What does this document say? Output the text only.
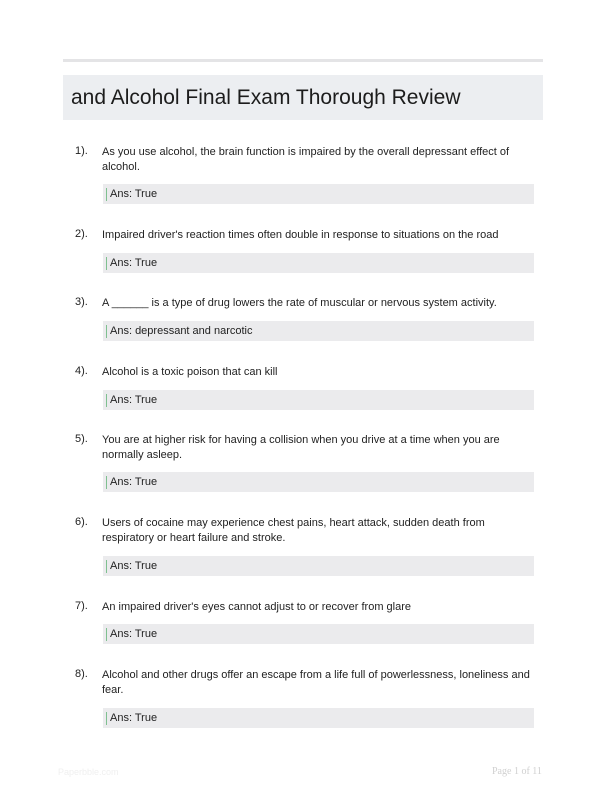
and Alcohol Final Exam Thorough Review
1). As you use alcohol, the brain function is impaired by the overall depressant effect of alcohol.
Ans: True
2). Impaired driver's reaction times often double in response to situations on the road
Ans: True
3). A ______ is a type of drug lowers the rate of muscular or nervous system activity.
Ans: depressant and narcotic
4). Alcohol is a toxic poison that can kill
Ans: True
5). You are at higher risk for having a collision when you drive at a time when you are normally asleep.
Ans: True
6). Users of cocaine may experience chest pains, heart attack, sudden death from respiratory or heart failure and stroke.
Ans: True
7). An impaired driver's eyes cannot adjust to or recover from glare
Ans: True
8). Alcohol and other drugs offer an escape from a life full of powerlessness, loneliness and fear.
Ans: True
Paperbble.com	Page 1 of 11
